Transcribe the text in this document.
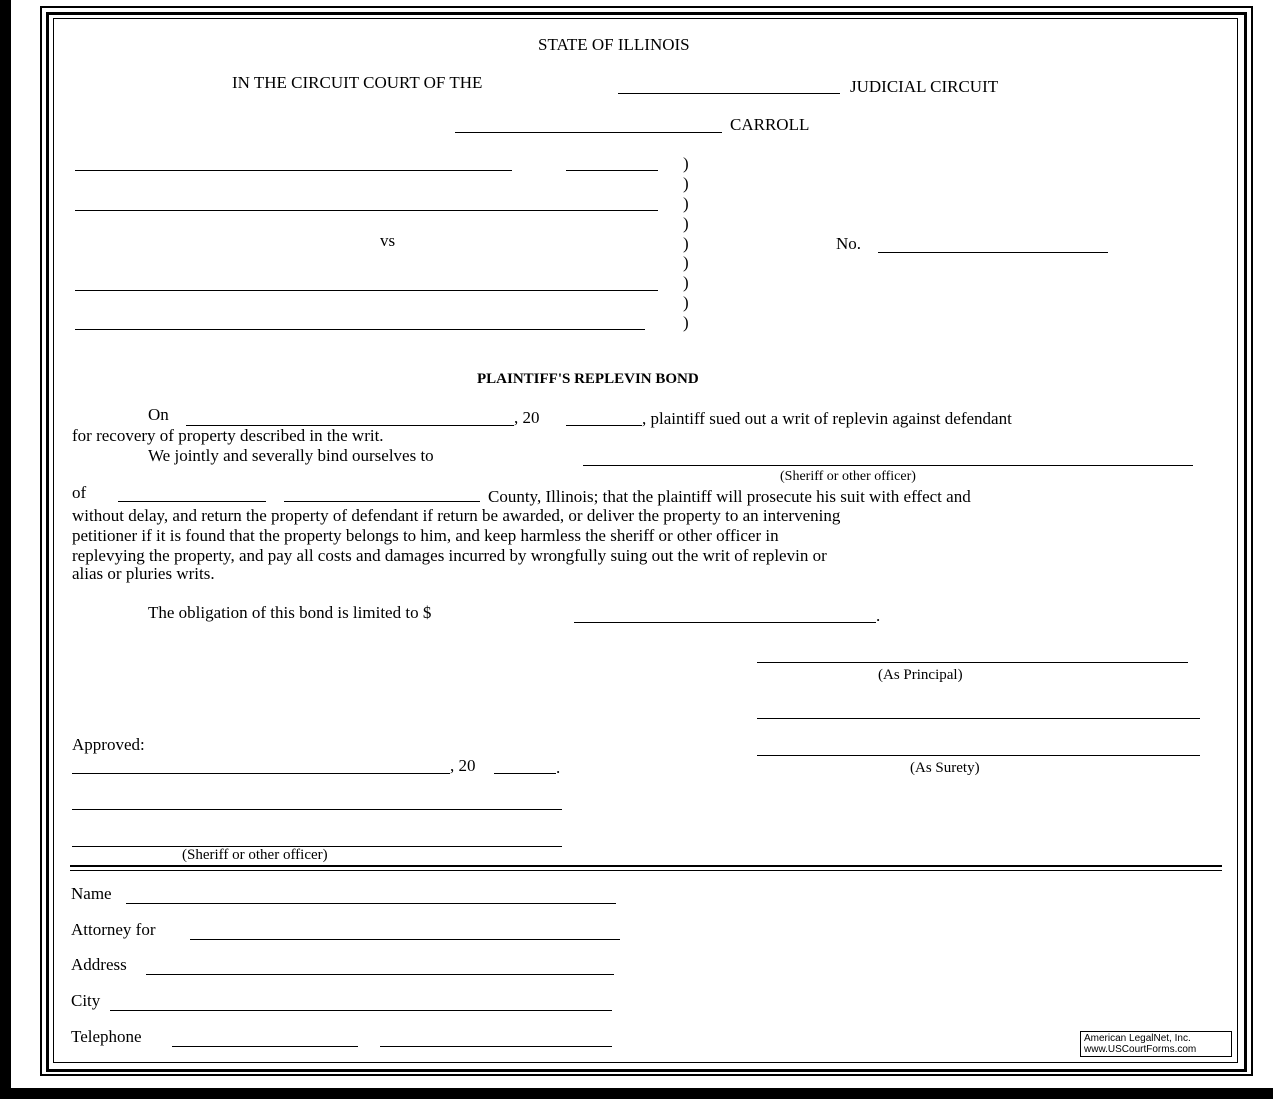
STATE OF ILLINOIS
IN THE CIRCUIT COURT OF THE	JUDICIAL CIRCUIT
CARROLL
vs
)
)
)
)
)
)
)
)
)
No.
PLAINTIFF'S REPLEVIN BOND
On	, 20	, plaintiff sued out a writ of replevin against defendant
for recovery of property described in the writ.
We jointly and severally bind ourselves to
(Sheriff or other officer)
of	County, Illinois; that the plaintiff will prosecute his suit with effect and
without delay, and return the property of defendant if return be awarded, or deliver the property to an intervening
petitioner if it is found that the property belongs to him, and keep harmless the sheriff or other officer in
replevying the property, and pay all costs and damages incurred by wrongfully suing out the writ of replevin or
alias or pluries writs.
The obligation of this bond is limited to $	.
(As Principal)
(As Surety)
Approved:
, 20	.
(Sheriff or other officer)
Name
Attorney for
Address
City
Telephone	American LegalNet, Inc.
www.USCourtForms.com
